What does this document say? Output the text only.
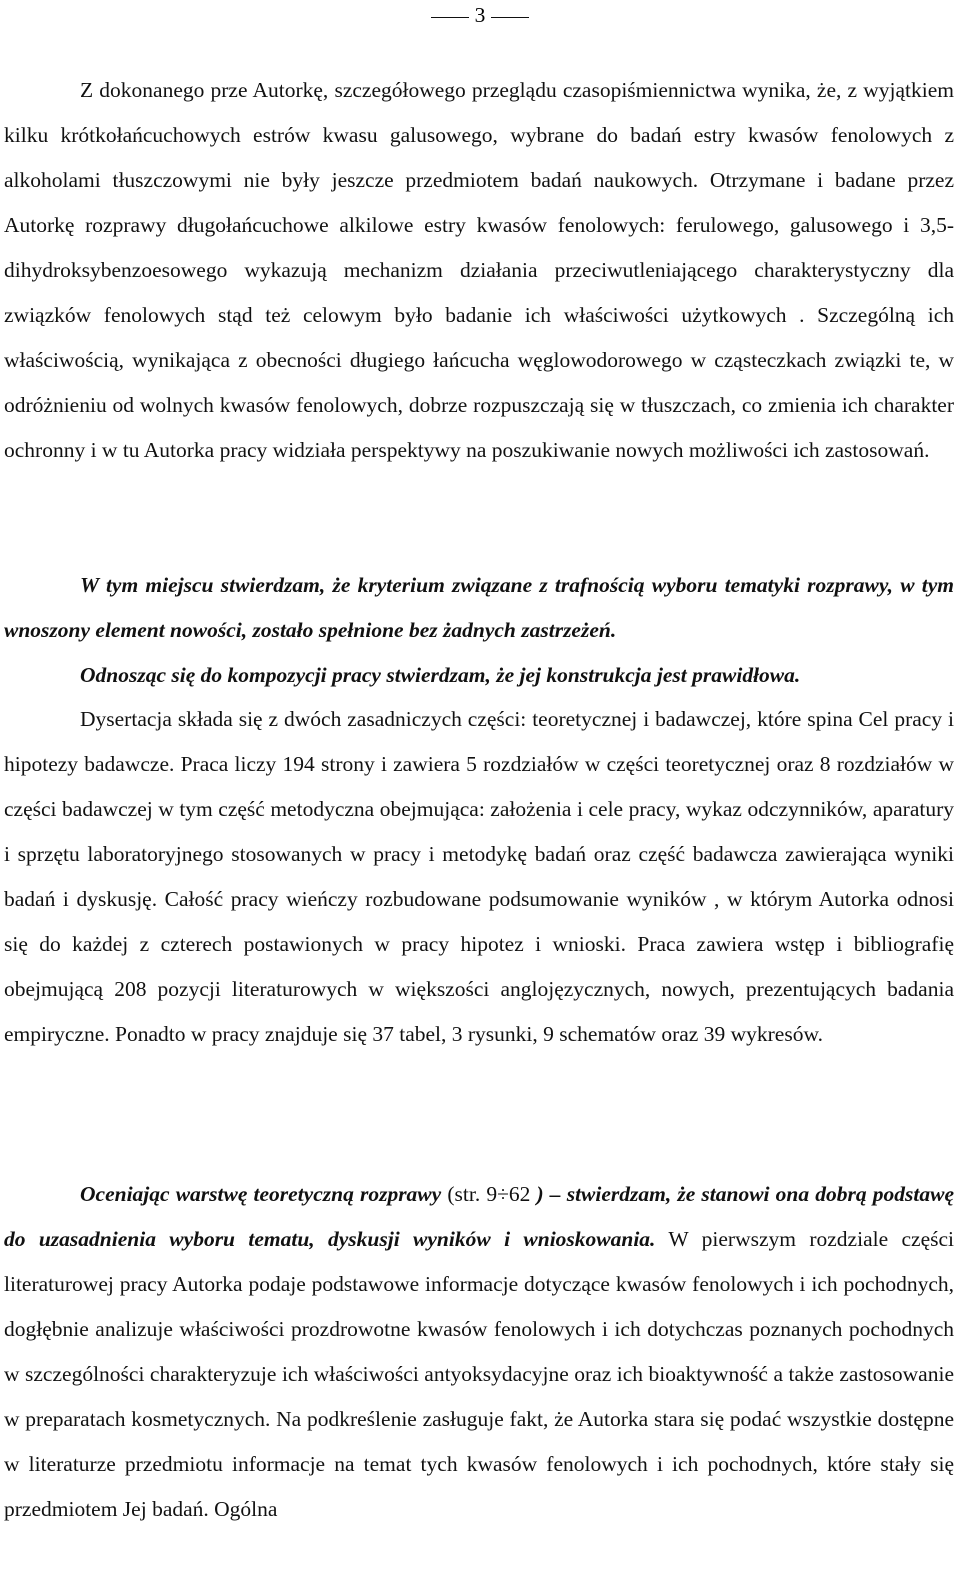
3

Z dokonanego prze Autorkę, szczegółowego przeglądu czasopiśmiennictwa wynika, że, z wyjątkiem kilku krótkołańcuchowych estrów kwasu galusowego, wybrane do badań estry kwasów fenolowych z alkoholami tłuszczowymi nie były jeszcze przedmiotem badań naukowych. Otrzymane i badane przez Autorkę rozprawy długołańcuchowe alkilowe estry kwasów fenolowych: ferulowego, galusowego i 3,5-dihydroksybenzoesowego wykazują mechanizm działania przeciwutleniającego charakterystyczny dla związków fenolowych stąd też celowym było badanie ich właściwości użytkowych . Szczególną ich właściwością, wynikająca z obecności długiego łańcucha węglowodorowego w cząsteczkach związki te, w odróżnieniu od wolnych kwasów fenolowych, dobrze rozpuszczają się w tłuszczach, co zmienia ich charakter ochronny i w tu Autorka pracy widziała perspektywy na poszukiwanie nowych możliwości ich zastosowań.

W tym miejscu stwierdzam, że kryterium związane z trafnością wyboru tematyki rozprawy, w tym wnoszony element nowości, zostało spełnione bez żadnych zastrzeżeń.

Odnosząc się do kompozycji pracy stwierdzam, że jej konstrukcja jest prawidłowa.

Dysertacja składa się z dwóch zasadniczych części: teoretycznej i badawczej, które spina Cel pracy i hipotezy badawcze. Praca liczy 194 strony i zawiera 5 rozdziałów w części teoretycznej oraz 8 rozdziałów w części badawczej w tym część metodyczna obejmująca: założenia i cele pracy, wykaz odczynników, aparatury i sprzętu laboratoryjnego stosowanych w pracy i metodykę badań oraz część badawcza zawierająca wyniki badań i dyskusję. Całość pracy wieńczy rozbudowane podsumowanie wyników , w którym Autorka odnosi się do każdej z czterech postawionych w pracy hipotez i wnioski. Praca zawiera wstęp i bibliografię obejmującą 208 pozycji literaturowych w większości anglojęzycznych, nowych, prezentujących badania empiryczne. Ponadto w pracy znajduje się 37 tabel, 3 rysunki, 9 schematów oraz 39 wykresów.

Oceniając warstwę teoretyczną rozprawy (str. 9÷62 ) – stwierdzam, że stanowi ona dobrą podstawę do uzasadnienia wyboru tematu, dyskusji wyników i wnioskowania. W pierwszym rozdziale części literaturowej pracy Autorka podaje podstawowe informacje dotyczące kwasów fenolowych i ich pochodnych, dogłębnie analizuje właściwości prozdrowotne kwasów fenolowych i ich dotychczas poznanych pochodnych w szczególności charakteryzuje ich właściwości antyoksydacyjne oraz ich bioaktywność a także zastosowanie w preparatach kosmetycznych. Na podkreślenie zasługuje fakt, że Autorka stara się podać wszystkie dostępne w literaturze przedmiotu informacje na temat tych kwasów fenolowych i ich pochodnych, które stały się przedmiotem Jej badań. Ogólna
